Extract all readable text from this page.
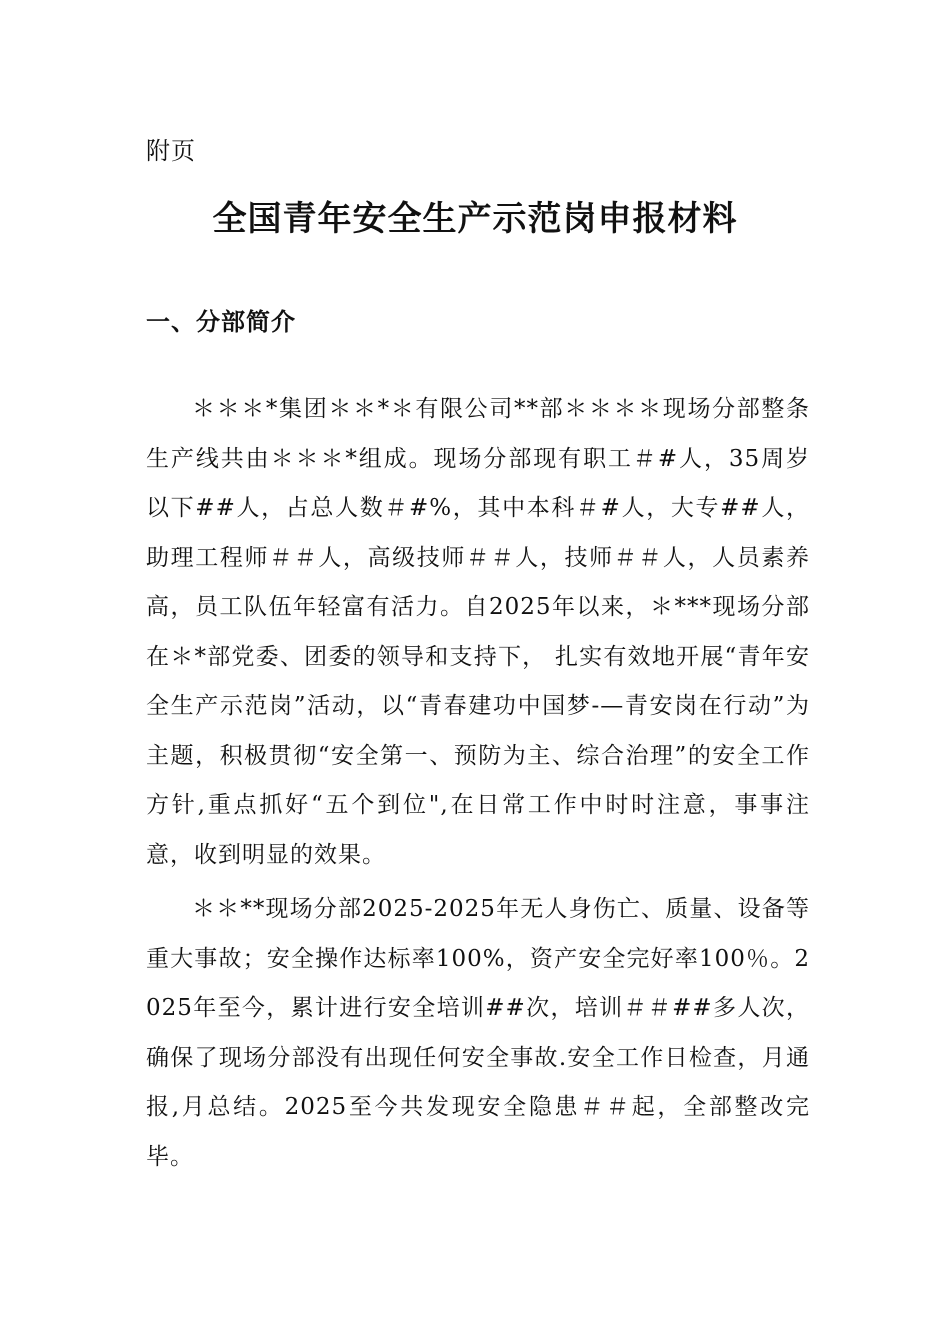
附页
全国青年安全生产示范岗申报材料
一、分部简介

＊＊＊*集团＊＊*＊有限公司**部＊＊＊＊现场分部整条生产线共由＊＊＊*组成。现场分部现有职工＃#人，35周岁以下##人，占总人数＃#%，其中本科＃#人，大专##人，助理工程师＃＃人，高级技师＃＃人，技师＃＃人，人员素养高，员工队伍年轻富有活力。自2025年以来，＊***现场分部在＊*部党委、团委的领导和支持下， 扎实有效地开展“青年安全生产示范岗”活动，以“青春建功中国梦-—青安岗在行动”为主题，积极贯彻“安全第一、预防为主、综合治理”的安全工作方针,重点抓好“五个到位",在日常工作中时时注意，事事注意，收到明显的效果。

＊＊**现场分部2025-2025年无人身伤亡、质量、设备等重大事故；安全操作达标率100%，资产安全完好率100％。2025年至今，累计进行安全培训##次，培训＃＃##多人次，确保了现场分部没有出现任何安全事故.安全工作日检查，月通报,月总结。2025至今共发现安全隐患＃＃起，全部整改完毕。
